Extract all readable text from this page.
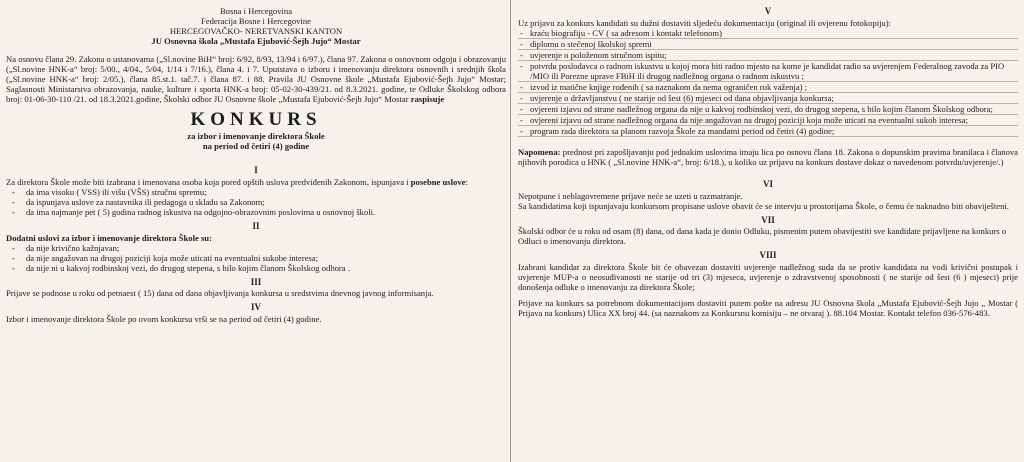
Bosna i Hercegovina

Federacija Bosne i Hercegovine

HERCEGOVAČKO- NERETVANSKI KANTON

JU Osnovna škola „Mustafa Ejubović-Šejh Jujo“ Mostar

Na osnovu člana 29. Zakona o ustanovama („Sl.novine BiH“ broj: 6/92, 8/93, 13/94 i 6/97.), člana 97. Zakona o osnovnom odgoju i obrazovanju („Sl.novine HNK-a“ broj: 5/00., 4/04., 5/04, 1/14 i 7/16.), člana 4. i 7. Uputstava o izboru i imenovanju direktora osnovnih i srednjih škola („Sl.novine HNK-a“ broj: 2/05.), člana 85.st.1. tač.7. i člana 87. i 88. Pravila JU Osnovne škole „Mustafa Ejubović-Šejh Jujo“ Mostar; Saglasnosti Ministarstva obrazovanja, nauke, kulture i sporta HNK-a broj: 05-02-30-439/21. od 8.3.2021. godine, te Odluke Školskog odbora broj: 01-06-30-110 /21. od 18.3.2021.godine, Školski odbor JU Osnovne škole „Mustafa Ejubović-Šejh Jujo“ Mostar raspisuje

KONKURS

za izbor i imenovanje direktora Škole

na period od četiri (4) godine

I

Za direktora Škole može biti izabrana i imenovana osoba koja pored opštih uslova predviđenih Zakonom, ispunjava i posebne uslove:

- da ima visoku ( VSS) ili višu (VŠS) stručnu spremu;
- da ispunjava uslove za nastavnika ili pedagoga u skladu sa Zakonom;
- da ima najmanje pet ( 5) godina radnog iskustva na odgojno-obrazovnim poslovima u osnovnoj školi.
II

Dodatni uslovi za izbor i imenovanje direktora Škole su:

- da nije krivično kažnjavan;
- da nije angažovan na drugoj poziciji koja može uticati na eventualni sukobe interesa;
- da nije ni u kakvoj rodbinskoj vezi, do drugog stepena, s bilo kojim članom Školskog odbora .
III

Prijave se podnose u roku od petnaest ( 15) dana od dana objavljivanja konkursa u sredstvima dnevnog javnog informisanja.

IV

Izbor i imenovanje direktora Škole po ovom konkursu vrši se na period od četiri (4) godine.

V

Uz prijavu za konkurs kandidati su dužni dostaviti sljedeću dokumentaciju (original ili ovjerenu fotokopiju):

- kraću biografiju - CV ( sa adresom i kontakt telefonom)
- diplomu o stečenoj školskoj spremi
- uvjerenje o položenom stručnom ispitu;
- potvrdu poslodavca o radnom iskustvu u kojoj mora biti radno mjesto na kome je kandidat radio sa uvjerenjem Federalnog zavoda za PIO /MIO ili Porezne uprave FBiH ili drugog nadležnog organa o radnom iskustvu ;
- izvod iz matične knjige rođenih ( sa naznakom da nema ograničen rok važenja) ;
- uvjerenje o državljanstvu ( ne starije od šest (6) mjeseci od dana objavljivanja konkursa;
- ovjereni izjavu od strane nadležnog organa da nije u kakvoj rodbinskoj vezi, do drugog stepena, s bilo kojim članom Školskog odbora;
- ovjereni izjavu od strane nadležnog organa da nije angažovan na drugoj poziciji koja može uticati na eventualni sukob interesa;
- program rada direktora sa planom razvoja Škole za mandatni period od četiri (4) godine;

Napomena: prednost pri zapošljavanju pod jednakim uslovima imaju lica po osnovu člana 18. Zakona o dopunskim pravima branilaca i članova njihovih porodica u HNK ( „Sl.novine HNK-a“, broj: 6/18.), u koliko uz prijavu na konkurs dostave dokaz o navedenom potvrdu/uvjerenje/.)

VI

Nepotpune i neblagovremene prijave neće se uzeti u razmatranje.

Sa kandidatima koji ispunjavaju konkursom propisane uslove obavit će se intervju u prostorijama Škole, o čemu će naknadno biti obaviješteni.

VII

Školski odbor će u roku od osam (8) dana, od dana kada je donio Odluku, pismenim putem obavijestiti sve kandidate prijavljene na konkurs o Odluci o imenovanju direktora.

VIII

Izabrani kandidat za direktora Škole bit će obavezan dostaviti uvjerenje nadležnog suda da se protiv kandidata na vodi krivični postupak i uvjerenje MUP-a o neosuđivanosti ne starije od tri (3) mjeseca, uvjerenje o zdravstvenoj sposobnosti ( ne starije od šest (6 ) mjeseci) prije donošenja odluke o imenovanju za direktora Škole;

Prijave na konkurs sa potrebnom dokumentacijom dostaviti putem pošte na adresu JU Osnovna škola „Mustafa Ejubović-Šejh Jujo „ Mostar ( Prijava na konkurs) Ulica XX broj 44. (sa naznakom za Konkursnu komisiju – ne otvaraj ). 88.104 Mostar. Kontakt telefon 036-576-483.
